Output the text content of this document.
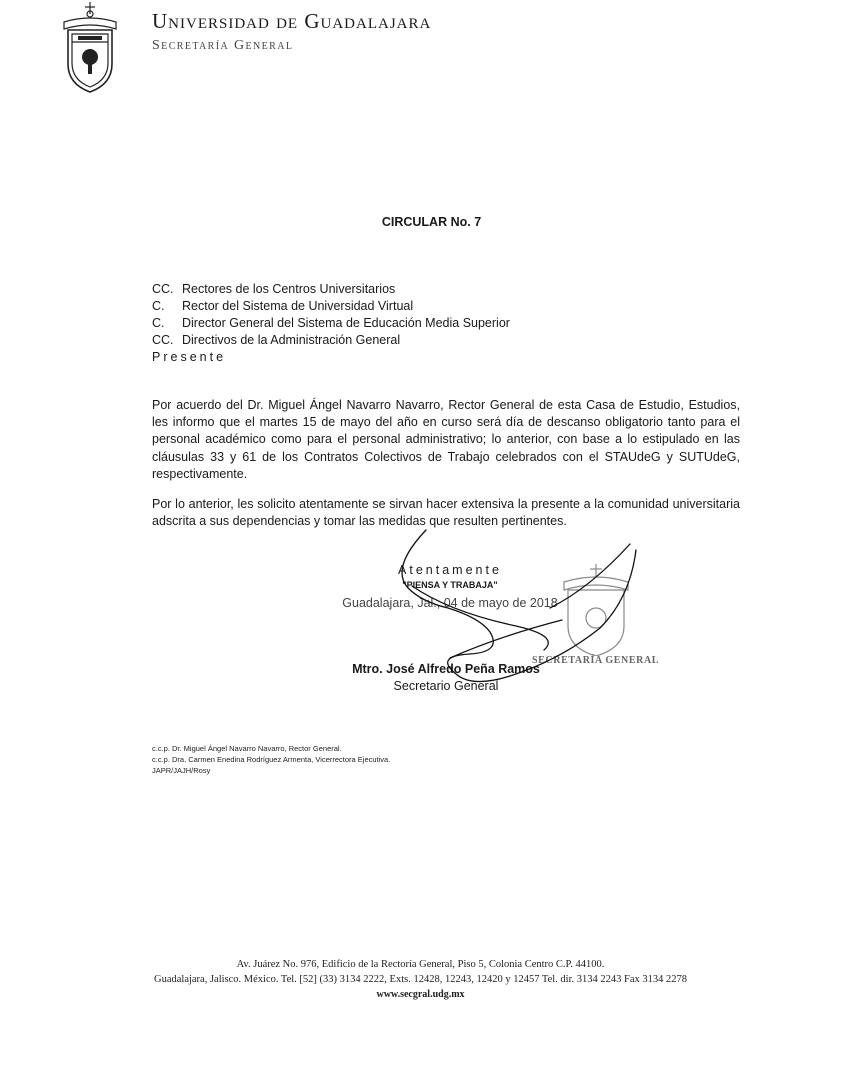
Universidad de Guadalajara
Secretaría General
CIRCULAR No. 7
CC. Rectores de los Centros Universitarios
C. Rector del Sistema de Universidad Virtual
C. Director General del Sistema de Educación Media Superior
CC. Directivos de la Administración General
Presente
Por acuerdo del Dr. Miguel Ángel Navarro Navarro, Rector General de esta Casa de Estudio, Estudios, les informo que el martes 15 de mayo del año en curso será día de descanso obligatorio tanto para el personal académico como para el personal administrativo; lo anterior, con base a lo estipulado en las cláusulas 33 y 61 de los Contratos Colectivos de Trabajo celebrados con el STAUdeG y SUTUdeG, respectivamente.
Por lo anterior, les solicito atentamente se sirvan hacer extensiva la presente a la comunidad universitaria adscrita a sus dependencias y tomar las medidas que resulten pertinentes.
SECRETARÍA GENERAL
Atentamente
"PIENSA Y TRABAJA"
Guadalajara, Jal., 04 de mayo de 2018
Mtro. José Alfredo Peña Ramos
Secretario General
c.c.p. Dr. Miguel Ángel Navarro Navarro, Rector General.
c.c.p. Dra. Carmen Enedina Rodríguez Armenta, Vicerrectora Ejecutiva.
JAPR/JAJH/Rosy
Av. Juárez No. 976, Edificio de la Rectoría General, Piso 5, Colonia Centro C.P. 44100.
Guadalajara, Jalisco. México. Tel. [52] (33) 3134 2222, Exts. 12428, 12243, 12420 y 12457 Tel. dir. 3134 2243 Fax 3134 2278
www.secgral.udg.mx
